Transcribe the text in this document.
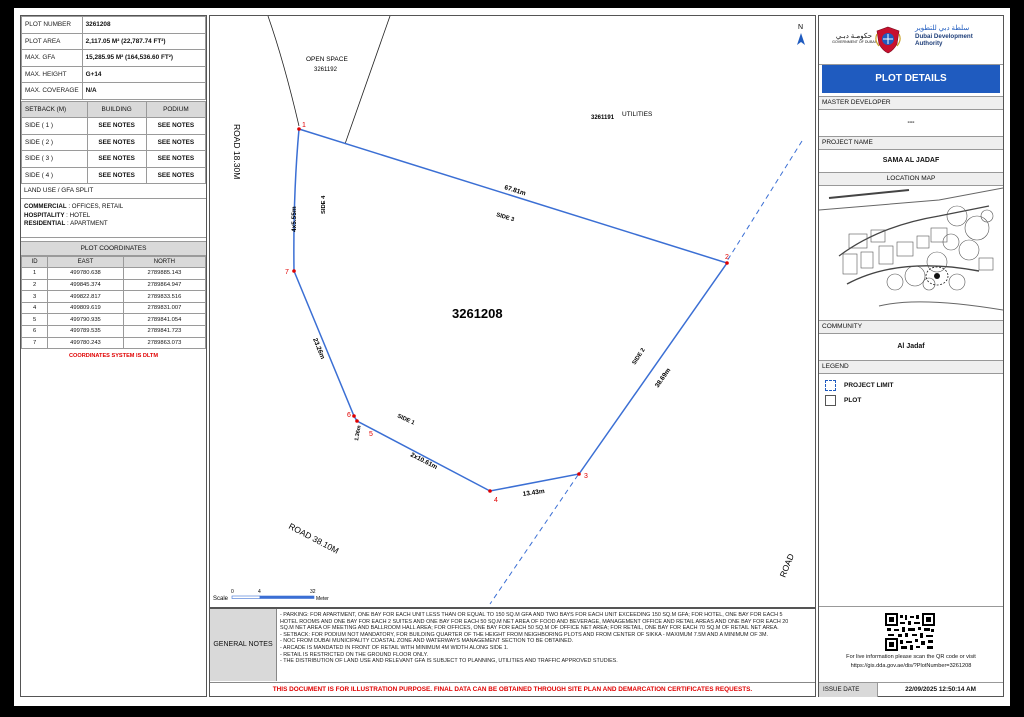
PLOT NUMBER	3261208
PLOT AREA	2,117.05 M² (22,787.74 FT²)
MAX. GFA	15,285.95 M² (164,536.60 FT²)
MAX. HEIGHT	G+14
MAX. COVERAGE	N/A
SETBACK (M)	BUILDING	PODIUM
SIDE ( 1 )	SEE NOTES	SEE NOTES
SIDE ( 2 )	SEE NOTES	SEE NOTES
SIDE ( 3 )	SEE NOTES	SEE NOTES
SIDE ( 4 )	SEE NOTES	SEE NOTES
LAND USE / GFA SPLIT
COMMERCIAL : OFFICES, RETAIL
HOSPITALITY : HOTEL
RESIDENTIAL : APARTMENT
PLOT COORDINATES
ID	EAST	NORTH
1	499780.638	2789885.143
2	499845.374	2789864.947
3	499822.817	2789833.516
4	499809.619	2789831.007
5	499790.935	2789841.054
6	499789.535	2789841.723
7	499780.243	2789863.073
COORDINATES SYSTEM IS DLTM
1
2
3
4
5
6
7
N
OPEN SPACE
3261192
3261191 UTILITIES
3261208
ROAD 18.30M
ROAD 38.10M
ROAD
67.81m
38.69m
13.43m
2x10.61m
1.36m
23.26m
4x5.55m	SIDE 3
SIDE 2
SIDE 1
SIDE 4
Scale
0	4	32
Meter
GENERAL NOTES
- PARKING: FOR APARTMENT, ONE BAY FOR EACH UNIT LESS THAN OR EQUAL TO 150 SQ.M GFA AND TWO BAYS FOR EACH UNIT EXCEEDING 150 SQ.M GFA; FOR HOTEL, ONE BAY FOR EACH 5
HOTEL ROOMS AND ONE BAY FOR EACH 2 SUITES AND ONE BAY FOR EACH 50 SQ.M NET AREA OF FOOD AND BEVERAGE, MANAGEMENT OFFICE AND RETAIL AREAS AND ONE BAY FOR EACH 20
SQ.M NET AREA OF MEETING AND BALLROOM HALL AREA; FOR OFFICES, ONE BAY FOR EACH 50 SQ.M OF OFFICE NET AREA; FOR RETAIL, ONE BAY FOR EACH 70 SQ.M OF RETAIL NET AREA.
- SETBACK: FOR PODIUM NOT MANDATORY, FOR BUILDING QUARTER OF THE HEIGHT FROM NEIGHBORING PLOTS AND FROM CENTER OF SIKKA - MAXIMUM 7.5M AND A MINIMUM OF 3M.
- NOC FROM DUBAI MUNICIPALITY COASTAL ZONE AND WATERWAYS MANAGEMENT SECTION TO BE OBTAINED.
- ARCADE IS MANDATED IN FRONT OF RETAIL WITH MINIMUM 4M WIDTH ALONG SIDE 1.
- RETAIL IS RESTRICTED ON THE GROUND FLOOR ONLY.
- THE DISTRIBUTION OF LAND USE AND RELEVANT GFA IS SUBJECT TO PLANNING, UTILITIES AND TRAFFIC APPROVED STUDIES.
THIS DOCUMENT IS FOR ILLUSTRATION PURPOSE. FINAL DATA CAN BE OBTAINED THROUGH SITE PLAN AND DEMARCATION CERTIFICATES REQUESTS.
حكومـة دبـي
GOVERNMENT OF DUBAI
سلطة دبي للتطوير
Dubai Development
Authority
PLOT DETAILS
MASTER DEVELOPER
---
PROJECT NAME
SAMA AL JADAF
LOCATION MAP
COMMUNITY
Al Jadaf
LEGEND
PROJECT LIMIT
PLOT
For live information please scan the QR code or visit
https://gis.dda.gov.ae/dis/?PlotNumber=3261208
ISSUE DATE	22/09/2025 12:50:14 AM
